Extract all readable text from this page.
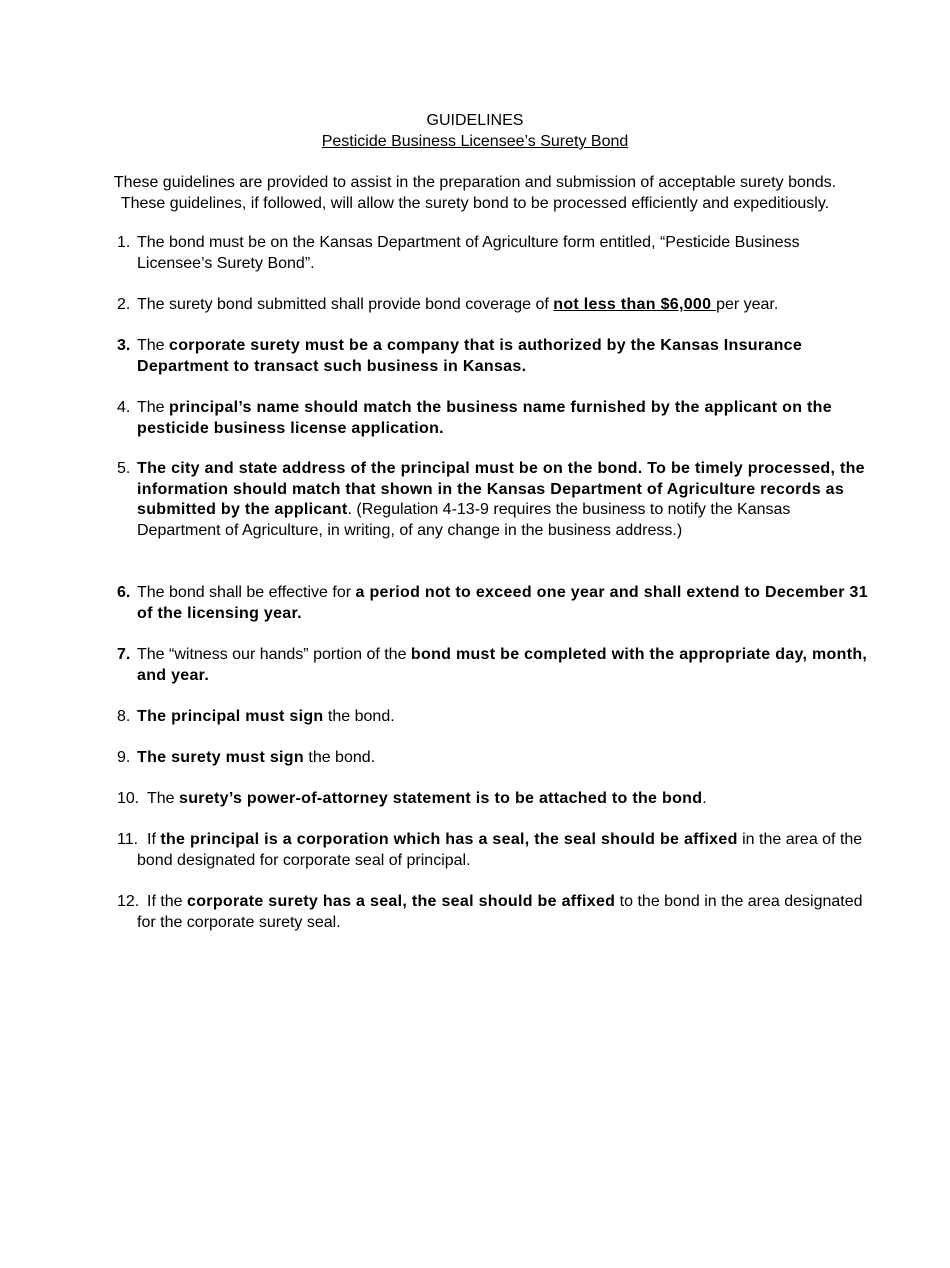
GUIDELINES
Pesticide Business Licensee’s Surety Bond
These guidelines are provided to assist in the preparation and submission of acceptable surety bonds.
These guidelines, if followed, will allow the surety bond to be processed efficiently and expeditiously.
1. The bond must be on the Kansas Department of Agriculture form entitled, “Pesticide Business Licensee’s Surety Bond”.
2. The surety bond submitted shall provide bond coverage of not less than $6,000 per year.
3. The corporate surety must be a company that is authorized by the Kansas Insurance Department to transact such business in Kansas.
4. The principal’s name should match the business name furnished by the applicant on the pesticide business license application.
5. The city and state address of the principal must be on the bond. To be timely processed, the information should match that shown in the Kansas Department of Agriculture records as submitted by the applicant. (Regulation 4-13-9 requires the business to notify the Kansas Department of Agriculture, in writing, of any change in the business address.)
6. The bond shall be effective for a period not to exceed one year and shall extend to December 31 of the licensing year.
7. The “witness our hands” portion of the bond must be completed with the appropriate day, month, and year.
8. The principal must sign the bond.
9. The surety must sign the bond.
10. The surety’s power-of-attorney statement is to be attached to the bond.
11. If the principal is a corporation which has a seal, the seal should be affixed in the area of the bond designated for corporate seal of principal.
12. If the corporate surety has a seal, the seal should be affixed to the bond in the area designated for the corporate surety seal.
